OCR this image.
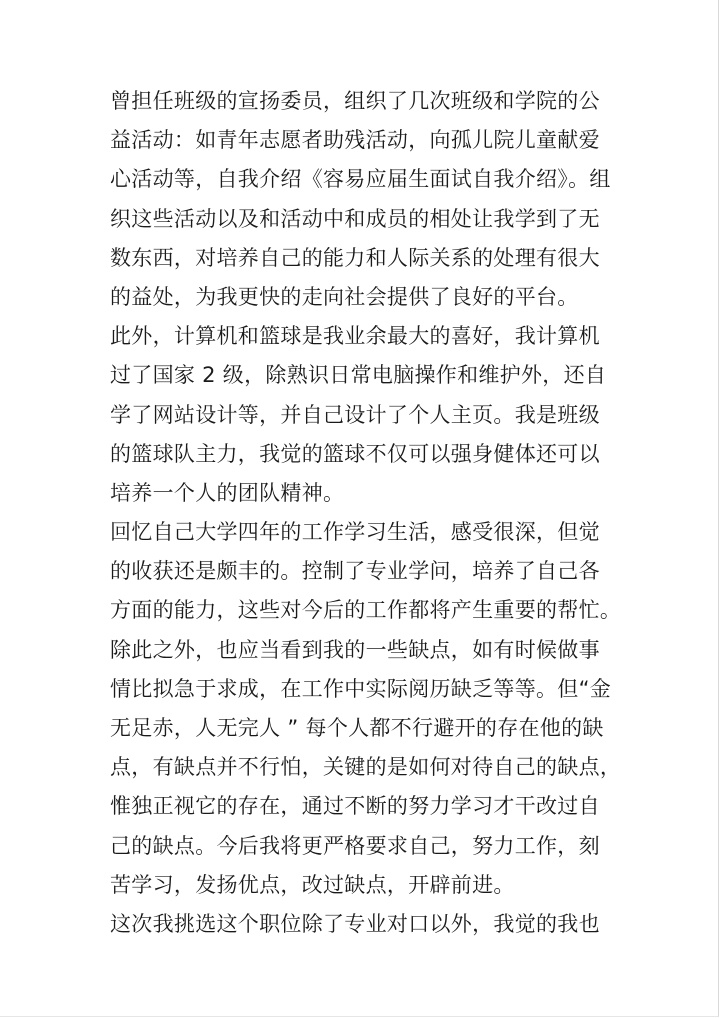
曾担任班级的宣扬委员，组织了几次班级和学院的公
益活动：如青年志愿者助残活动，向孤儿院儿童献爱
心活动等，自我介绍《容易应届生面试自我介绍》。组
织这些活动以及和活动中和成员的相处让我学到了无
数东西，对培养自己的能力和人际关系的处理有很大
的益处，为我更快的走向社会提供了良好的平台。
此外，计算机和篮球是我业余最大的喜好，我计算机
过了国家 2 级，除熟识日常电脑操作和维护外，还自
学了网站设计等，并自己设计了个人主页。我是班级
的篮球队主力，我觉的篮球不仅可以强身健体还可以
培养一个人的团队精神。
回忆自己大学四年的工作学习生活，感受很深，但觉
的收获还是颇丰的。控制了专业学问，培养了自己各
方面的能力，这些对今后的工作都将产生重要的帮忙。
除此之外，也应当看到我的一些缺点，如有时候做事
情比拟急于求成，在工作中实际阅历缺乏等等。但“金
无足赤，人无完人 ” 每个人都不行避开的存在他的缺
点，有缺点并不行怕，关键的是如何对待自己的缺点，
惟独正视它的存在，通过不断的努力学习才干改过自
己的缺点。今后我将更严格要求自己，努力工作，刻
苦学习，发扬优点，改过缺点，开辟前进。
这次我挑选这个职位除了专业对口以外，我觉的我也
